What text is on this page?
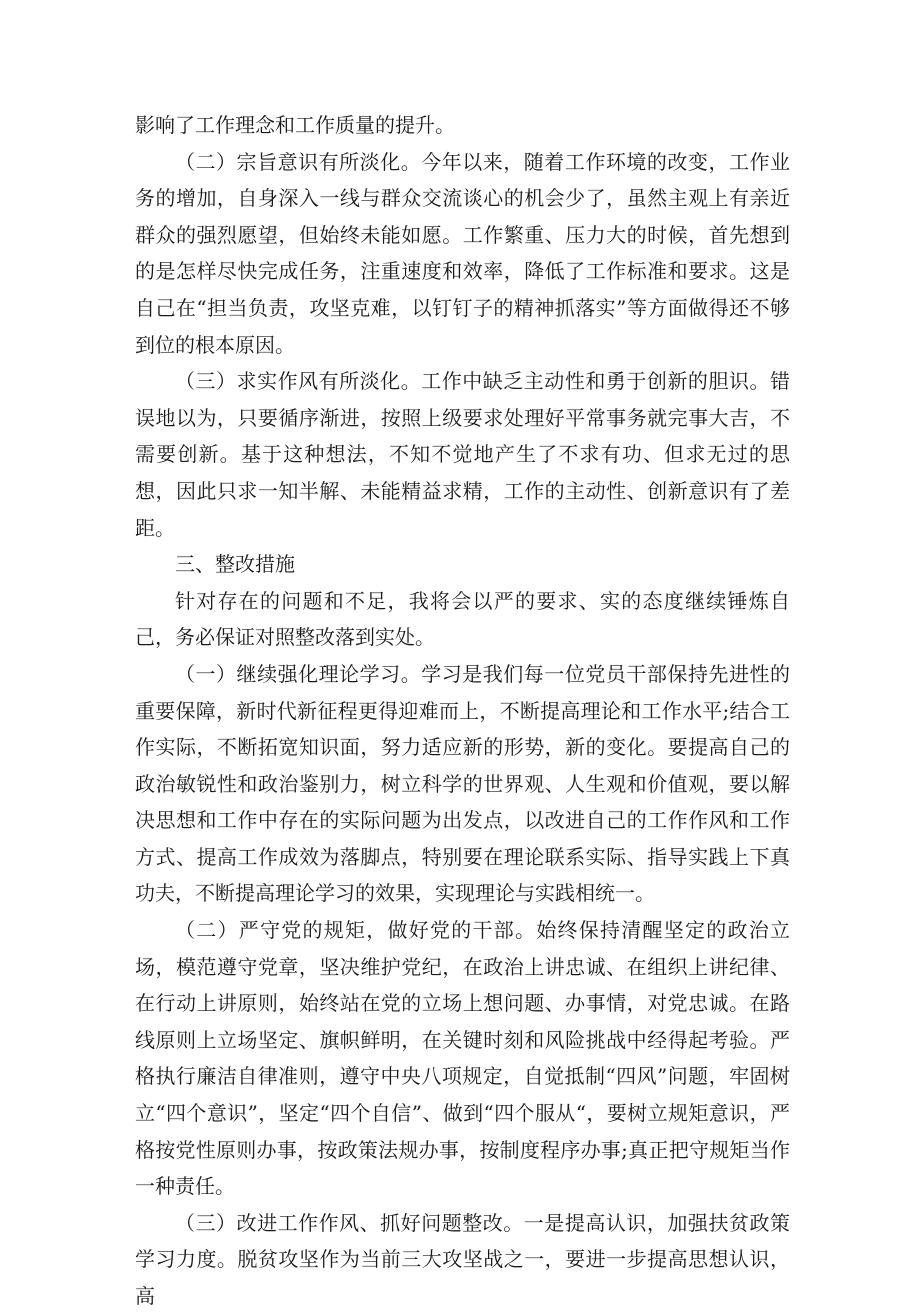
影响了工作理念和工作质量的提升。

（二）宗旨意识有所淡化。今年以来，随着工作环境的改变，工作业务的增加，自身深入一线与群众交流谈心的机会少了，虽然主观上有亲近群众的强烈愿望，但始终未能如愿。工作繁重、压力大的时候，首先想到的是怎样尽快完成任务，注重速度和效率，降低了工作标准和要求。这是自己在“担当负责，攻坚克难，以钉钉子的精神抓落实”等方面做得还不够到位的根本原因。

（三）求实作风有所淡化。工作中缺乏主动性和勇于创新的胆识。错误地以为，只要循序渐进，按照上级要求处理好平常事务就完事大吉，不需要创新。基于这种想法，不知不觉地产生了不求有功、但求无过的思想，因此只求一知半解、未能精益求精，工作的主动性、创新意识有了差距。

三、整改措施

针对存在的问题和不足，我将会以严的要求、实的态度继续锤炼自己，务必保证对照整改落到实处。

（一）继续强化理论学习。学习是我们每一位党员干部保持先进性的重要保障，新时代新征程更得迎难而上，不断提高理论和工作水平;结合工作实际，不断拓宽知识面，努力适应新的形势，新的变化。要提高自己的政治敏锐性和政治鉴别力，树立科学的世界观、人生观和价值观，要以解决思想和工作中存在的实际问题为出发点，以改进自己的工作作风和工作方式、提高工作成效为落脚点，特别要在理论联系实际、指导实践上下真功夫，不断提高理论学习的效果，实现理论与实践相统一。

（二）严守党的规矩，做好党的干部。始终保持清醒坚定的政治立场，模范遵守党章，坚决维护党纪，在政治上讲忠诚、在组织上讲纪律、在行动上讲原则，始终站在党的立场上想问题、办事情，对党忠诚。在路线原则上立场坚定、旗帜鲜明，在关键时刻和风险挑战中经得起考验。严格执行廉洁自律准则，遵守中央八项规定，自觉抵制“四风”问题，牢固树立“四个意识”，坚定“四个自信”、做到“四个服从“，要树立规矩意识，严格按党性原则办事，按政策法规办事，按制度程序办事;真正把守规矩当作一种责任。

（三）改进工作作风、抓好问题整改。一是提高认识，加强扶贫政策学习力度。脱贫攻坚作为当前三大攻坚战之一，要进一步提高思想认识，高
